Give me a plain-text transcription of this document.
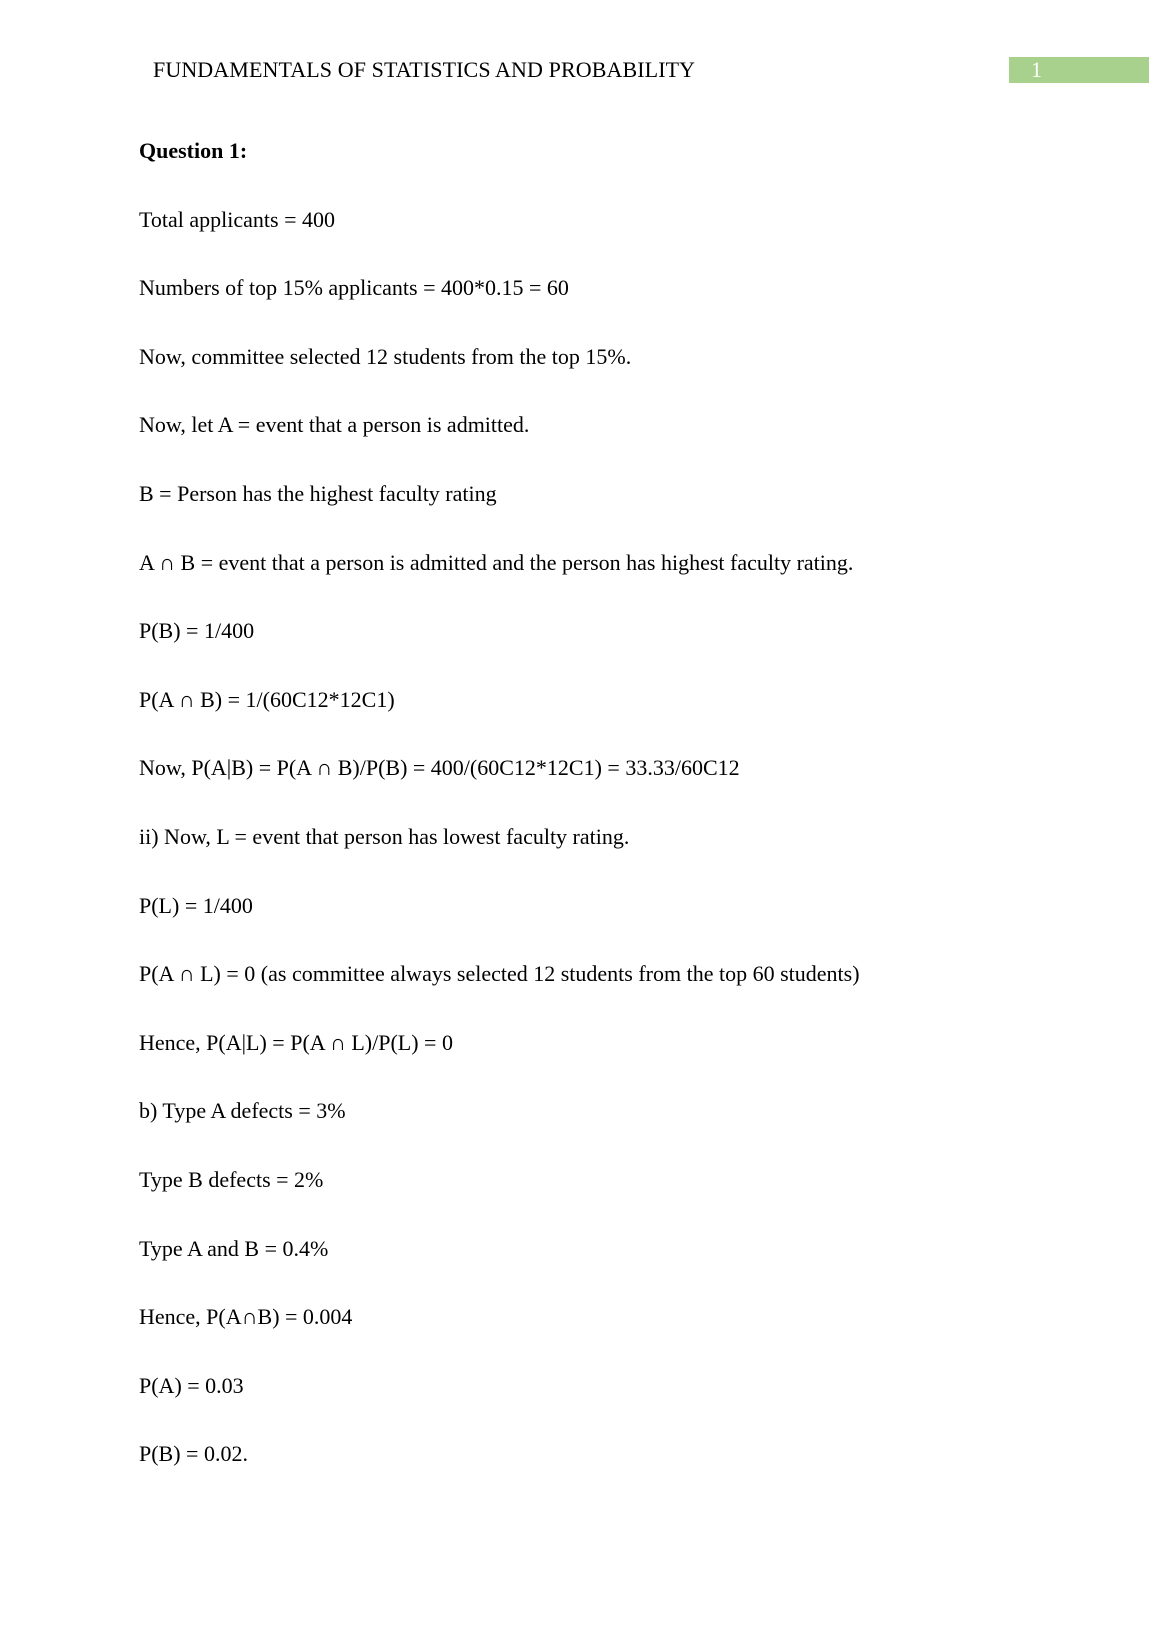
FUNDAMENTALS OF STATISTICS AND PROBABILITY	1
Question 1:
Total applicants = 400
Numbers of top 15% applicants = 400*0.15 = 60
Now, committee selected 12 students from the top 15%.
Now, let A = event that a person is admitted.
B = Person has the highest faculty rating
A ∩ B = event that a person is admitted and the person has highest faculty rating.
P(B) = 1/400
P(A ∩ B) = 1/(60C12*12C1)
Now, P(A|B) = P(A ∩ B)/P(B) = 400/(60C12*12C1) = 33.33/60C12
ii) Now, L = event that person has lowest faculty rating.
P(L) = 1/400
P(A ∩ L) = 0 (as committee always selected 12 students from the top 60 students)
Hence, P(A|L) = P(A ∩ L)/P(L) = 0
b) Type A defects = 3%
Type B defects = 2%
Type A and B = 0.4%
Hence, P(A∩B) = 0.004
P(A) = 0.03
P(B) = 0.02.
